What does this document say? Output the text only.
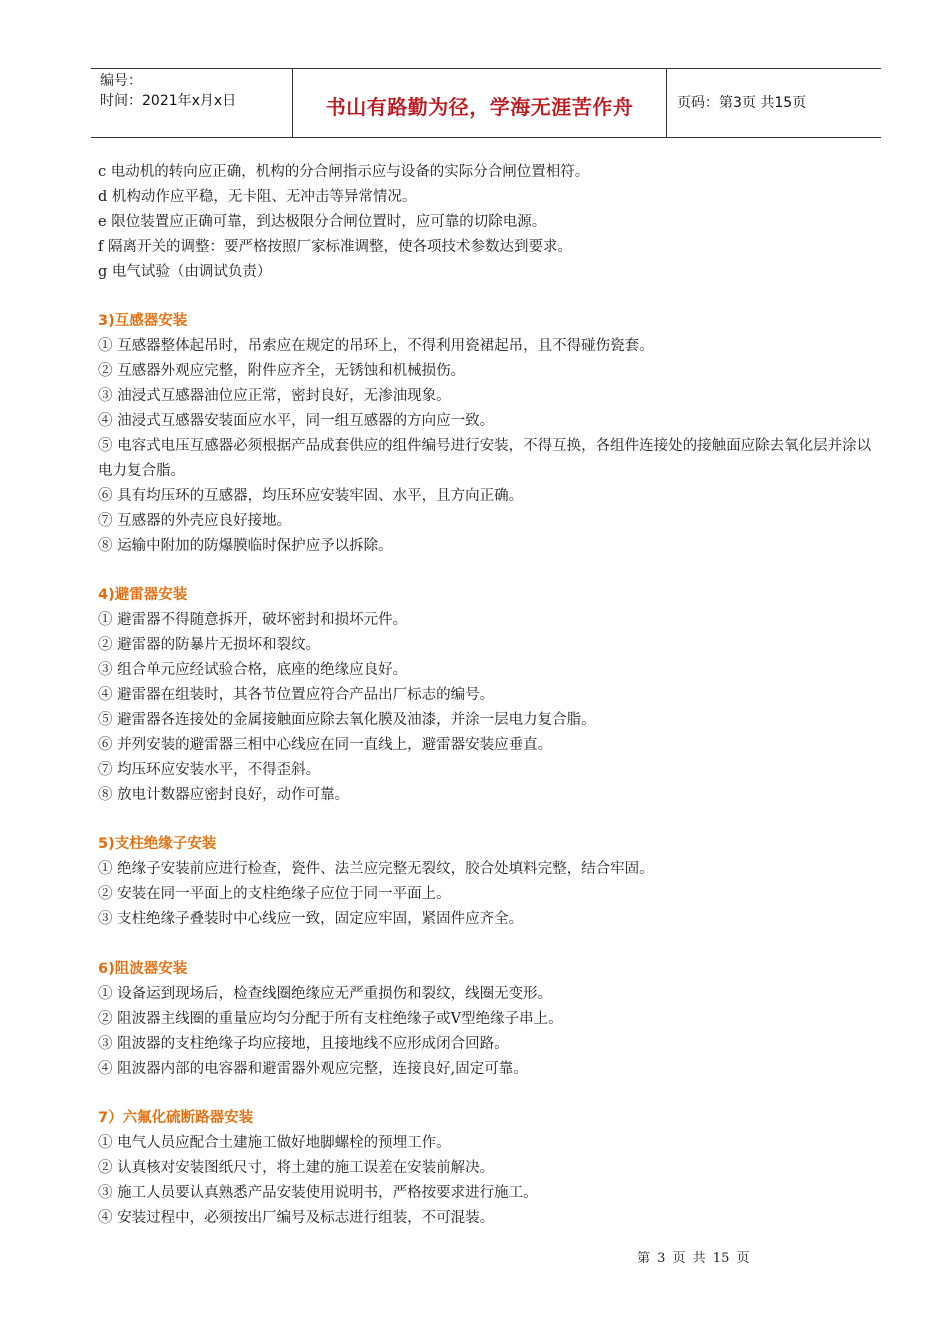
编号：
时间：2021年x月x日	书山有路勤为径，学海无涯苦作舟	页码：第3页 共15页
c 电动机的转向应正确，机构的分合闸指示应与设备的实际分合闸位置相符。
d 机构动作应平稳，无卡阻、无冲击等异常情况。
e 限位装置应正确可靠，到达极限分合闸位置时，应可靠的切除电源。
f 隔离开关的调整：要严格按照厂家标准调整，使各项技术参数达到要求。
g 电气试验（由调试负责）
3)互感器安装
① 互感器整体起吊时，吊索应在规定的吊环上，不得利用瓷裙起吊，且不得碰伤瓷套。
② 互感器外观应完整，附件应齐全，无锈蚀和机械损伤。
③ 油浸式互感器油位应正常，密封良好，无渗油现象。
④ 油浸式互感器安装面应水平，同一组互感器的方向应一致。
⑤ 电容式电压互感器必须根据产品成套供应的组件编号进行安装，不得互换，各组件连接处的接触面应除去氧化层并涂以电力复合脂。
⑥ 具有均压环的互感器，均压环应安装牢固、水平，且方向正确。
⑦ 互感器的外壳应良好接地。
⑧ 运输中附加的防爆膜临时保护应予以拆除。
4)避雷器安装
① 避雷器不得随意拆开，破坏密封和损坏元件。
② 避雷器的防暴片无损坏和裂纹。
③ 组合单元应经试验合格，底座的绝缘应良好。
④ 避雷器在组装时，其各节位置应符合产品出厂标志的编号。
⑤ 避雷器各连接处的金属接触面应除去氧化膜及油漆，并涂一层电力复合脂。
⑥ 并列安装的避雷器三相中心线应在同一直线上，避雷器安装应垂直。
⑦ 均压环应安装水平，不得歪斜。
⑧ 放电计数器应密封良好，动作可靠。
5)支柱绝缘子安装
① 绝缘子安装前应进行检查，瓷件、法兰应完整无裂纹，胶合处填料完整，结合牢固。
② 安装在同一平面上的支柱绝缘子应位于同一平面上。
③ 支柱绝缘子叠装时中心线应一致，固定应牢固，紧固件应齐全。
6)阻波器安装
① 设备运到现场后，检查线圈绝缘应无严重损伤和裂纹，线圈无变形。
② 阻波器主线圈的重量应均匀分配于所有支柱绝缘子或V型绝缘子串上。
③ 阻波器的支柱绝缘子均应接地，且接地线不应形成闭合回路。
④ 阻波器内部的电容器和避雷器外观应完整，连接良好,固定可靠。
7）六氟化硫断路器安装
① 电气人员应配合土建施工做好地脚螺栓的预埋工作。
② 认真核对安装图纸尺寸，将土建的施工误差在安装前解决。
③ 施工人员要认真熟悉产品安装使用说明书，严格按要求进行施工。
④ 安装过程中，必须按出厂编号及标志进行组装，不可混装。
第 3 页 共 15 页
